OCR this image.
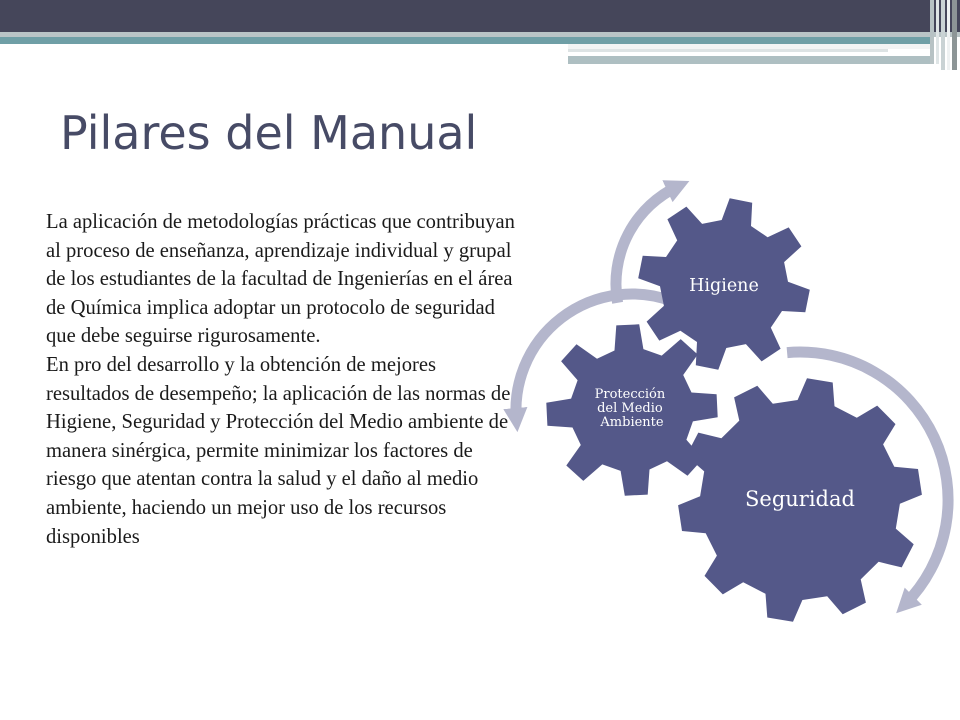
Pilares del Manual

La aplicación de metodologías prácticas que contribuyan al proceso de enseñanza, aprendizaje individual y grupal de los estudiantes de la facultad de Ingenierías en el área de Química implica adoptar un protocolo de seguridad que debe seguirse rigurosamente.

En pro del desarrollo y la obtención de mejores resultados de desempeño; la aplicación de las normas de Higiene, Seguridad y Protección del Medio ambiente de manera sinérgica, permite minimizar los factores de riesgo que atentan contra la salud y el daño al medio ambiente, haciendo un mejor uso de los recursos disponibles

Higiene
Protección del Medio Ambiente
Seguridad
